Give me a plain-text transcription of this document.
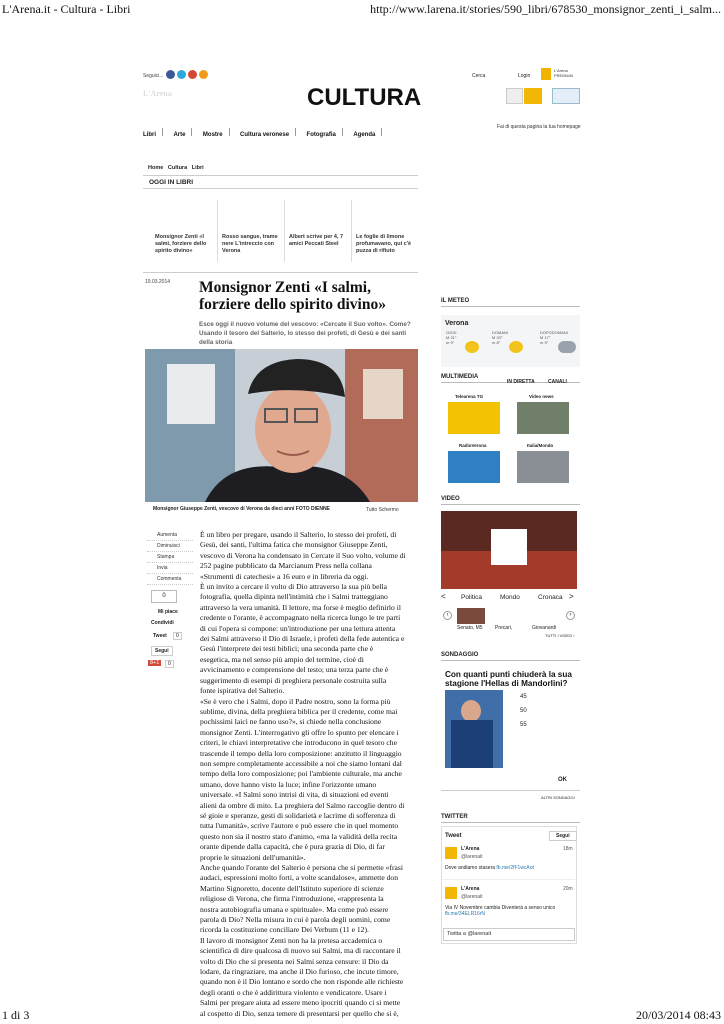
L'Arena.it - Cultura - Libri	http://www.larena.it/stories/590_libri/678530_monsignor_zenti_i_salm...
Seguici...
L'Arena	CULTURA
Cerca	Login
L'Arena PREMIUM
Libri	Arte	Mostre	Cultura veronese	Fotografia	Agenda
Fai di questa pagina la tua homepage
Home Cultura Libri
OGGI IN LIBRI
Monsignor Zenti «I salmi, forziere dello spirito divino»
Rosso sangue, trame nere L'intreccio con Verona
Albert scrive per 4, 7 amici Peccati Steel
Le foglie di limone profumavano, qui c'è puzza di rifiuto
19.03.2014 Monsignor Zenti «I salmi, forziere dello spirito divino»
Esce oggi il nuovo volume del vescovo: «Cercate il Suo volto». Come? Usando il tesoro del Salterio, lo stesso dei profeti, di Gesù e dei santi della storia
Monsignor Giuseppe Zenti, vescovo di Verona da dieci anni FOTO DIENNE	Tutto Schermo
Aumenta
Diminuisci
Stampa
Invia
Commenta
0
Mi piace
Condividi
Tweet	0
Segui
8+1	0
È un libro per pregare, usando il Salterio, lo stesso dei profeti, di
Gesù, dei santi, l'ultima fatica che monsignor Giuseppe Zenti,
vescovo di Verona ha condensato in Cercate il Suo volto, volume di
252 pagine pubblicato da Marcianum Press nella collana
«Strumenti di catechesi» a 16 euro e in libreria da oggi.
È un invito a cercare il volto di Dio attraverso la sua più bella
fotografia, quella dipinta nell'intimità che i Salmi tratteggiano
attraverso la vera umanità. Il lettore, ma forse è meglio definirlo il
credente o l'orante, è accompagnato nella ricerca lungo le tre parti
di cui l'opera si compone: un'introduzione per una lettura attenta
dei Salmi attraverso il Dio di Israele, i profeti della fede autentica e
Gesù l'interprete dei testi biblici; una seconda parte che è
esegetica, ma nel senso più ampio del termine, cioè di
avvicinamento e comprensione del testo; una terza parte che è
suggerimento di esempi di preghiera personale costruita sulla
fonte ispirativa del Salterio.
«Se è vero che i Salmi, dopo il Padre nostro, sono la forma più
sublime, divina, della preghiera biblica per il credente, come mai
pochissimi laici ne fanno uso?», si chiede nella conclusione
monsignor Zenti. L'interrogativo gli offre lo spunto per elencare i
criteri, le chiavi interpretative che introducono in quel tesoro che
trascende il tempo della loro composizione: anzitutto il linguaggio
non sempre completamente accessibile a noi che siamo lontani dal
tempo della loro composizione; poi l'ambiente culturale, ma anche
umano, dove hanno visto la luce; infine l'orizzonte umano
universale. «I Salmi sono intrisi di vita, di situazioni ed eventi
alieni da ombre di mito. La preghiera del Salmo raccoglie dentro di
sé gioie e speranze, gesti di solidarietà e lacrime di sofferenza di
tutta l'umanità», scrive l'autore e può essere che in quel momento
questo non sia il nostro stato d'animo, «ma la validità della recita
orante dipende dalla capacità, che è pura grazia di Dio, di far
proprie le situazioni dell'umanità».
Anche quando l'orante del Salterio è persona che si permette «frasi
audaci, espressioni molto forti, a volte scandalose», ammette don
Martino Signoretto, docente dell'Istituto superiore di scienze
religiose di Verona, che firma l'introduzione, «rappresenta la
nostra autobiografia umana e spirituale». Ma come può essere
parola di Dio? Nella misura in cui è parola degli uomini, come
ricorda la costituzione conciliare Dei Verbum (11 e 12).
Il lavoro di monsignor Zenti non ha la pretesa accademica o
scientifica di dire qualcosa di nuovo sui Salmi, ma di raccontare il
volto di Dio che si presenta nei Salmi senza censure: il Dio da
lodare, da ringraziare, ma anche il Dio furioso, che incute timore,
quando non è il Dio lontano e sordo che non risponde alle richieste
degli oranti o che è addirittura violento e vendicatore. Usare i
Salmi per pregare aiuta ad essere meno ipocriti quando ci si mette
al cospetto di Dio, senza temere di presentarsi per quello che si è,
IL METEO
Verona
OGGI
M 21°
m 9°
DOMANI
M 20°
m 8°
DOPODOMANI
M 17°
m 9°
MULTIMEDIA
IN DIRETTA	CANALI
Telearena TG	Video news
RadioVerona	Italia/Mondo
VIDEO
< Politica	Mondo	Cronaca >
‹	›
Senato, M5 Precari,	Giovanardi
TUTTI I VIDEO ›
SONDAGGIO
Con quanti punti chiuderà la sua stagione l'Hellas di Mandorlini?
45
50
55
OK
ALTRI SONDAGGI
TWITTER
Tweet	Segui
L'Arena
@larenait
18m
Dove andiamo stasera fb.me/2fF1wcAot
L'Arena
@larenait
20m
Via IV Novembre cambia Diventerà a senso unico
fb.me/34ELR16rN
Twitta a @larenait
1 di 3	20/03/2014 08:43
